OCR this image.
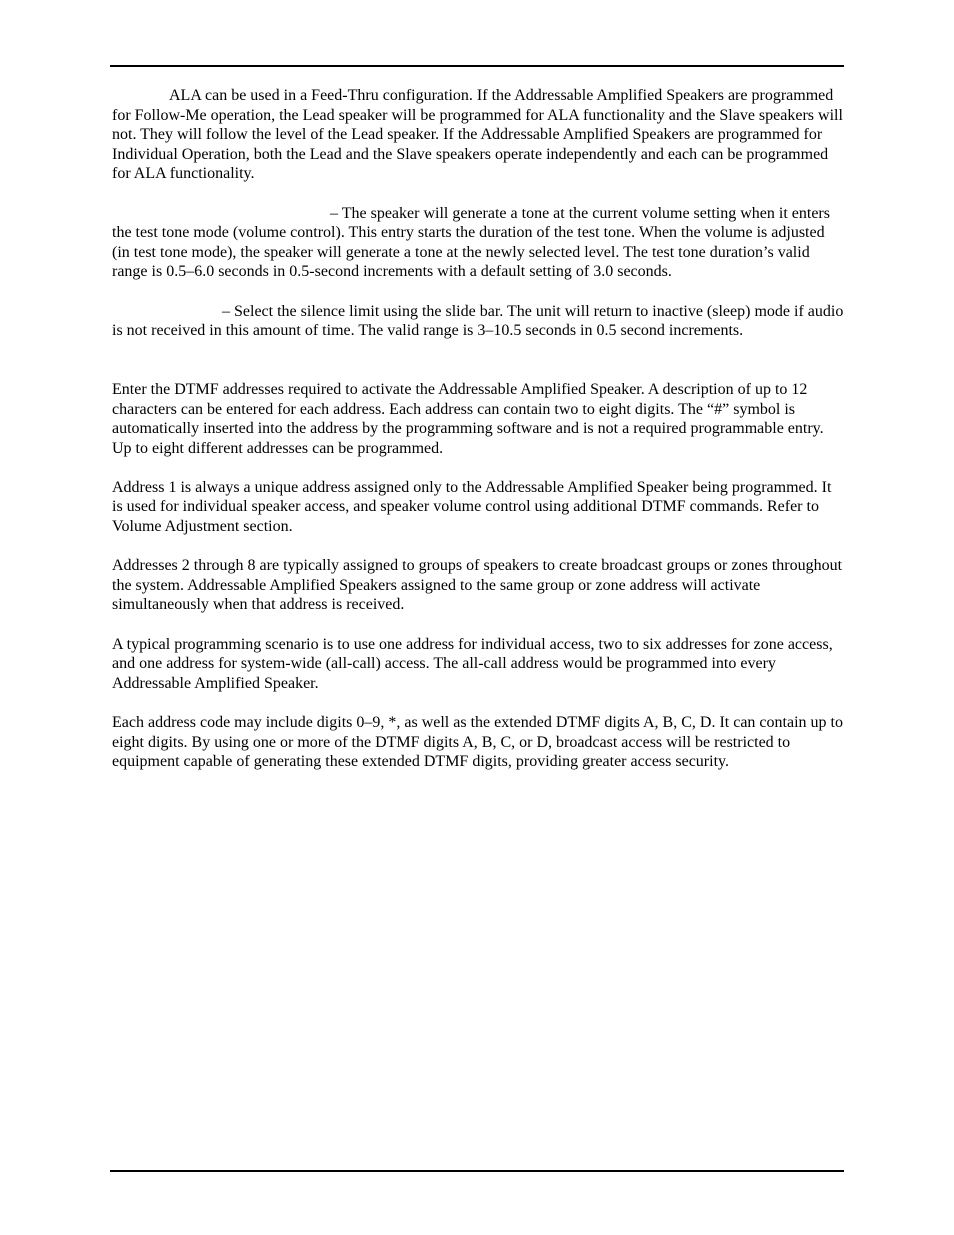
ALA can be used in a Feed-Thru configuration. If the Addressable Amplified Speakers are programmed for Follow-Me operation, the Lead speaker will be programmed for ALA functionality and the Slave speakers will not. They will follow the level of the Lead speaker. If the Addressable Amplified Speakers are programmed for Individual Operation, both the Lead and the Slave speakers operate independently and each can be programmed for ALA functionality.

– The speaker will generate a tone at the current volume setting when it enters the test tone mode (volume control). This entry starts the duration of the test tone. When the volume is adjusted (in test tone mode), the speaker will generate a tone at the newly selected level. The test tone duration’s valid range is 0.5–6.0 seconds in 0.5-second increments with a default setting of 3.0 seconds.

– Select the silence limit using the slide bar. The unit will return to inactive (sleep) mode if audio is not received in this amount of time. The valid range is 3–10.5 seconds in 0.5 second increments.

Enter the DTMF addresses required to activate the Addressable Amplified Speaker. A description of up to 12 characters can be entered for each address. Each address can contain two to eight digits. The “#” symbol is automatically inserted into the address by the programming software and is not a required programmable entry. Up to eight different addresses can be programmed.

Address 1 is always a unique address assigned only to the Addressable Amplified Speaker being programmed. It is used for individual speaker access, and speaker volume control using additional DTMF commands. Refer to Volume Adjustment section.

Addresses 2 through 8 are typically assigned to groups of speakers to create broadcast groups or zones throughout the system. Addressable Amplified Speakers assigned to the same group or zone address will activate simultaneously when that address is received.

A typical programming scenario is to use one address for individual access, two to six addresses for zone access, and one address for system-wide (all-call) access. The all-call address would be programmed into every Addressable Amplified Speaker.

Each address code may include digits 0–9, *, as well as the extended DTMF digits A, B, C, D. It can contain up to eight digits. By using one or more of the DTMF digits A, B, C, or D, broadcast access will be restricted to equipment capable of generating these extended DTMF digits, providing greater access security.
